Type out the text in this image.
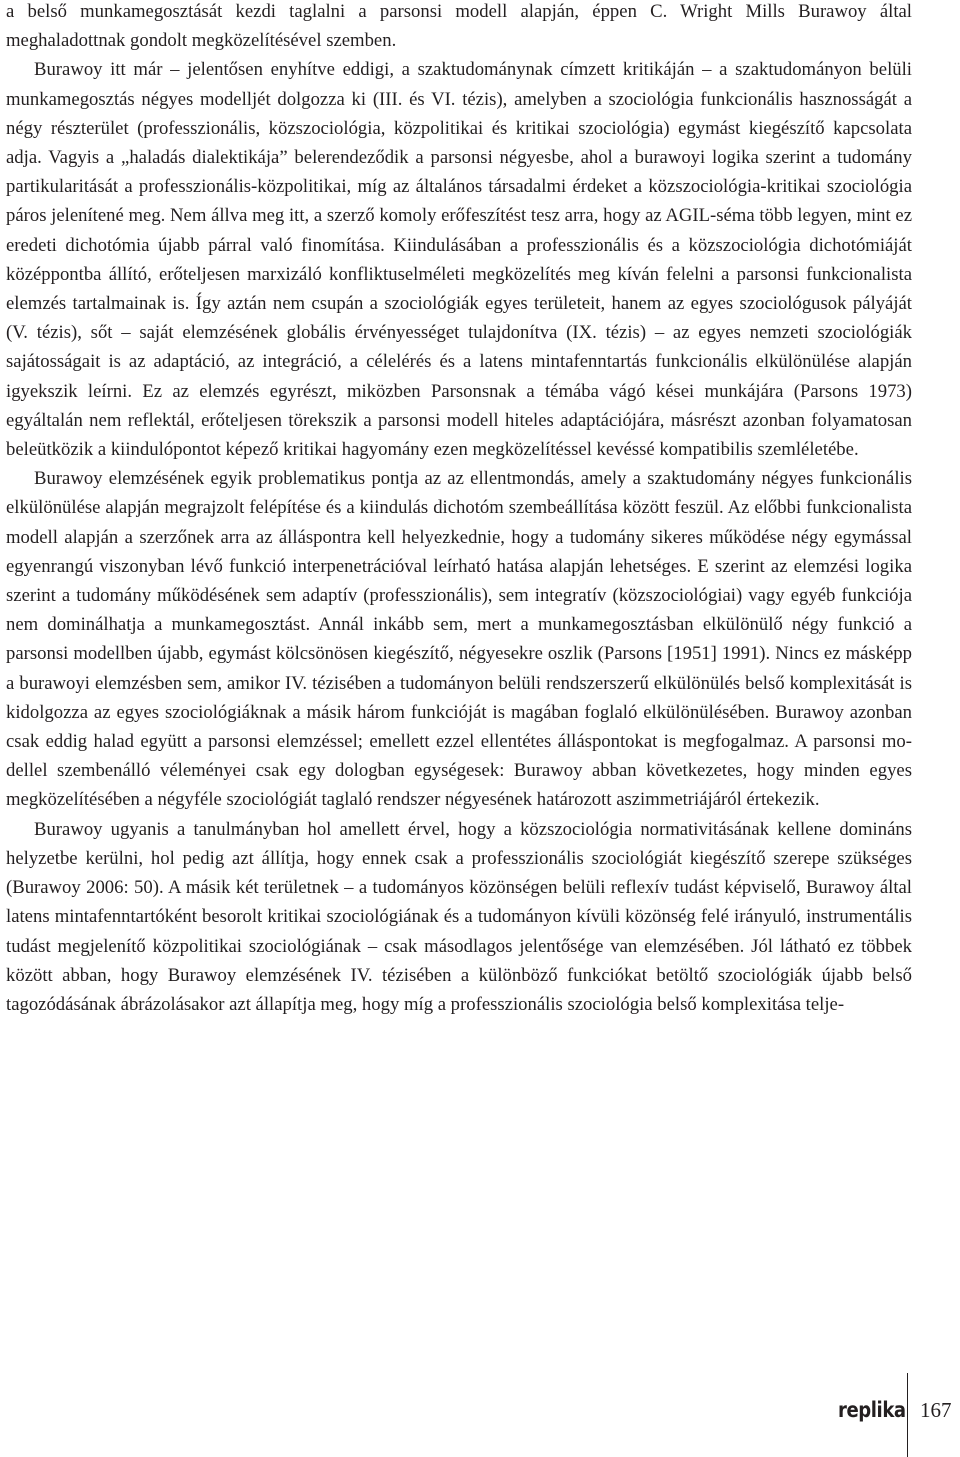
a belső munkamegosztását kezdi taglalni a parsonsi modell alapján, éppen C. Wright Mills Burawoy által meghaladottnak gondolt megközelítésével szemben.

Burawoy itt már – jelentősen enyhítve eddigi, a szaktudománynak címzett kritikáján – a szaktudományon belüli munkamegosztás négyes modelljét dolgozza ki (III. és VI. tézis), amelyben a szociológia funkcionális hasznosságát a négy részterület (professzionális, közszociológia, közpolitikai és kritikai szociológia) egymást kiegészítő kapcsolata adja. Vagyis a „haladás dialektikája” belerendeződik a parsonsi négyesbe, ahol a burawoyi logika szerint a tudomány partikularitását a professzionális-közpolitikai, míg az általános társadalmi érdeket a közszociológia-kritikai szociológia páros jelenítené meg. Nem állva meg itt, a szerző komoly erőfeszítést tesz arra, hogy az AGIL-séma több legyen, mint ez eredeti dichotómia újabb párral való finomítása. Kiindulásában a professzionális és a közszociológia dichotómiáját középpontba állító, erőteljesen marxizáló konfliktuselméleti megközelítés meg kíván felelni a parsonsi funkcionalista elemzés tartalmainak is. Így aztán nem csupán a szociológiák egyes területeit, hanem az egyes szociológusok pályáját (V. tézis), sőt – saját elemzésének globális érvényességet tulajdonítva (IX. tézis) – az egyes nemzeti szociológiák sajátosságait is az adaptáció, az integráció, a célelérés és a latens mintafenntartás funkcionális elkülönülése alapján igyekszik leírni. Ez az elemzés egyrészt, miközben Parsonsnak a témába vágó kései munkájára (Parsons 1973) egyáltalán nem reflektál, erőteljesen törekszik a parsonsi modell hiteles adaptációjára, másrészt azonban folyamatosan beleütközik a kiindulópontot képező kritikai hagyomány ezen megközelítéssel kevéssé kompatibilis szemléletébe.

Burawoy elemzésének egyik problematikus pontja az az ellentmondás, amely a szaktudomány négyes funkcionális elkülönülése alapján megrajzolt felépítése és a kiindulás dichotóm szembeállítása között feszül. Az előbbi funkcionalista modell alapján a szerzőnek arra az álláspontra kell helyezkednie, hogy a tudomány sikeres működése négy egymással egyenrangú viszonyban lévő funkció interpenetrációval leírható hatása alapján lehetséges. E szerint az elemzési logika szerint a tudomány működésének sem adaptív (professzionális), sem integratív (közszociológiai) vagy egyéb funkciója nem dominálhatja a munkamegosztást. Annál inkább sem, mert a munkamegosztásban elkülönülő négy funkció a parsonsi modellben újabb, egymást kölcsönösen kiegészítő, négyesekre oszlik (Parsons [1951] 1991). Nincs ez másképp a burawoyi elemzésben sem, amikor IV. tézisében a tudományon belüli rendszerszerű elkülönülés belső komplexitását is kidolgozza az egyes szociológiáknak a másik három funkcióját is magában foglaló elkülönülésében. Burawoy azonban csak eddig halad együtt a parsonsi elemzéssel; emellett ezzel ellentétes álláspontokat is megfogalmaz. A parsonsi modellel szembenálló véleményei csak egy dologban egységesek: Burawoy abban következetes, hogy minden egyes megközelítésében a négyféle szociológiát taglaló rendszer négyesének határozott aszimmetriájáról értekezik.

Burawoy ugyanis a tanulmányban hol amellett érvel, hogy a közszociológia normativitásának kellene domináns helyzetbe kerülni, hol pedig azt állítja, hogy ennek csak a professzionális szociológiát kiegészítő szerepe szükséges (Burawoy 2006: 50). A másik két területnek – a tudományos közönségen belüli reflexív tudást képviselő, Burawoy által latens mintafenntartóként besorolt kritikai szociológiának és a tudományon kívüli közönség felé irányuló, instrumentális tudást megjelenítő közpolitikai szociológiának – csak másodlagos jelentősége van elemzésében. Jól látható ez többek között abban, hogy Burawoy elemzésének IV. tézisében a különböző funkciókat betöltő szociológiák újabb belső tagozódásának ábrázolásakor azt állapítja meg, hogy míg a professzionális szociológia belső komplexitása telje-

replika 167
